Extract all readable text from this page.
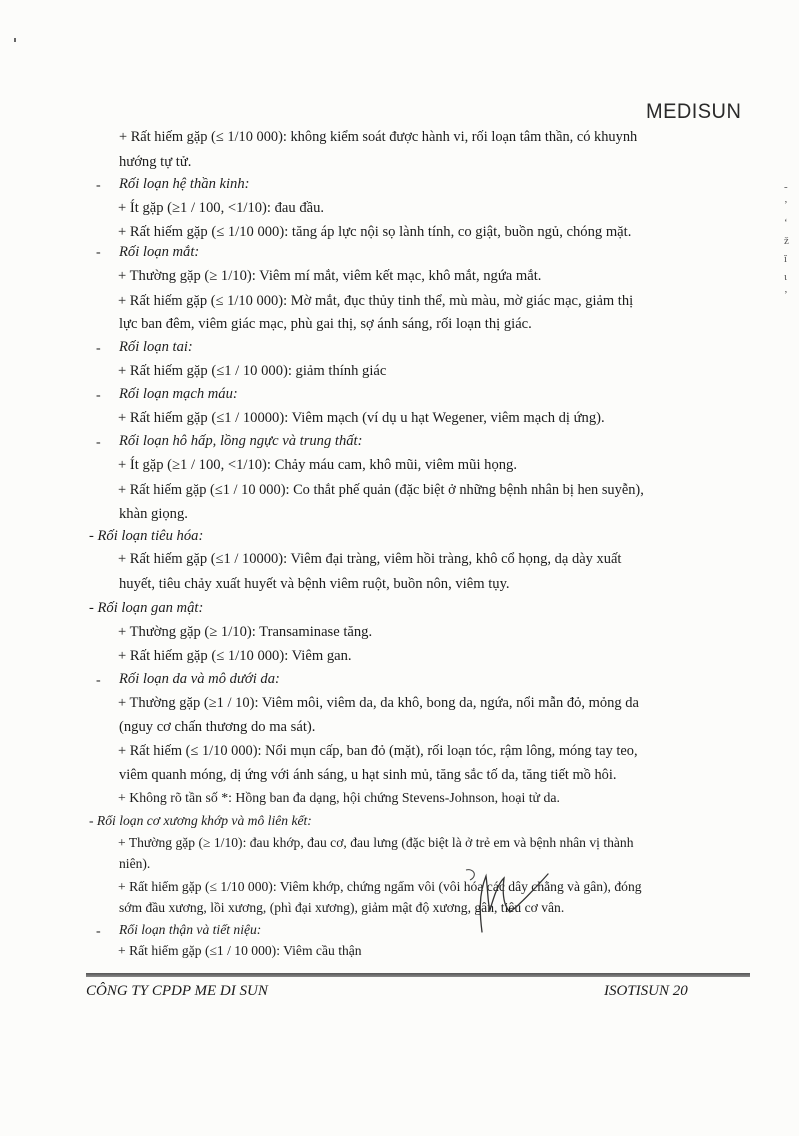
MEDISUN
+ Rất hiếm gặp (≤ 1/10 000): không kiểm soát được hành vi, rối loạn tâm thần, có khuynh
hướng tự tử.
- Rối loạn hệ thần kinh:
+ Ít gặp (≥1 / 100, <1/10): đau đầu.
+ Rất hiếm gặp (≤ 1/10 000): tăng áp lực nội sọ lành tính, co giật, buồn ngủ, chóng mặt.
- Rối loạn mắt:
+ Thường gặp (≥ 1/10): Viêm mí mắt, viêm kết mạc, khô mắt, ngứa mắt.
+ Rất hiếm gặp (≤ 1/10 000): Mờ mắt, đục thủy tinh thể, mù màu, mờ giác mạc, giảm thị
lực ban đêm, viêm giác mạc, phù gai thị, sợ ánh sáng, rối loạn thị giác.
- Rối loạn tai:
+ Rất hiếm gặp (≤1 / 10 000): giảm thính giác
- Rối loạn mạch máu:
+ Rất hiếm gặp (≤1 / 10000): Viêm mạch (ví dụ u hạt Wegener, viêm mạch dị ứng).
- Rối loạn hô hấp, lồng ngực và trung thất:
+ Ít gặp (≥1 / 100, <1/10): Chảy máu cam, khô mũi, viêm mũi họng.
+ Rất hiếm gặp (≤1 / 10 000): Co thắt phế quản (đặc biệt ở những bệnh nhân bị hen suyễn),
khàn giọng.
- Rối loạn tiêu hóa:
+ Rất hiếm gặp (≤1 / 10000): Viêm đại tràng, viêm hồi tràng, khô cổ họng, dạ dày xuất
huyết, tiêu chảy xuất huyết và bệnh viêm ruột, buồn nôn, viêm tụy.
- Rối loạn gan mật:
+ Thường gặp (≥ 1/10): Transaminase tăng.
+ Rất hiếm gặp (≤ 1/10 000): Viêm gan.
- Rối loạn da và mô dưới da:
+ Thường gặp (≥1 / 10): Viêm môi, viêm da, da khô, bong da, ngứa, nổi mẫn đỏ, mỏng da
(nguy cơ chấn thương do ma sát).
+ Rất hiếm (≤ 1/10 000): Nổi mụn cấp, ban đỏ (mặt), rối loạn tóc, rậm lông, móng tay teo,
viêm quanh móng, dị ứng với ánh sáng, u hạt sinh mủ, tăng sắc tố da, tăng tiết mồ hôi.
+ Không rõ tần số *: Hồng ban đa dạng, hội chứng Stevens-Johnson, hoại tử da.
- Rối loạn cơ xương khớp và mô liên kết:
+ Thường gặp (≥ 1/10): đau khớp, đau cơ, đau lưng (đặc biệt là ở trẻ em và bệnh nhân vị thành
niên).
+ Rất hiếm gặp (≤ 1/10 000): Viêm khớp, chứng ngấm vôi (vôi hóa các dây chằng và gân), đóng
sớm đầu xương, lồi xương, (phì đại xương), giảm mật độ xương, gân, tiêu cơ vân.
- Rối loạn thận và tiết niệu:
+ Rất hiếm gặp (≤1 / 10 000): Viêm cầu thận
-
ʼ
ʻ
ž
ĭ
ɩ
ʼ
CÔNG TY CPDP ME DI SUN	ISOTISUN 20
